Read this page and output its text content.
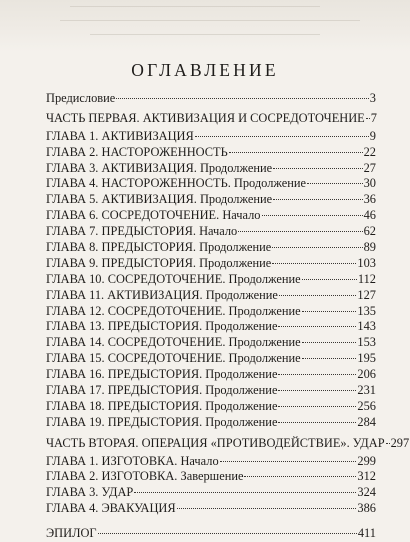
ОГЛАВЛЕНИЕ
Предисловие	3
ЧАСТЬ ПЕРВАЯ. АКТИВИЗАЦИЯ И СОСРЕДОТОЧЕНИЕ 7
ГЛАВА 1. АКТИВИЗАЦИЯ	9
ГЛАВА 2. НАСТОРОЖЕННОСТЬ	22
ГЛАВА 3. АКТИВИЗАЦИЯ. Продолжение	27
ГЛАВА 4. НАСТОРОЖЕННОСТЬ. Продолжение	30
ГЛАВА 5. АКТИВИЗАЦИЯ. Продолжение	36
ГЛАВА 6. СОСРЕДОТОЧЕНИЕ. Начало	46
ГЛАВА 7. ПРЕДЫСТОРИЯ. Начало	62
ГЛАВА 8. ПРЕДЫСТОРИЯ. Продолжение	89
ГЛАВА 9. ПРЕДЫСТОРИЯ. Продолжение	103
ГЛАВА 10. СОСРЕДОТОЧЕНИЕ. Продолжение	112
ГЛАВА 11. АКТИВИЗАЦИЯ. Продолжение	127
ГЛАВА 12. СОСРЕДОТОЧЕНИЕ. Продолжение	135
ГЛАВА 13. ПРЕДЫСТОРИЯ. Продолжение	143
ГЛАВА 14. СОСРЕДОТОЧЕНИЕ. Продолжение	153
ГЛАВА 15. СОСРЕДОТОЧЕНИЕ. Продолжение	195
ГЛАВА 16. ПРЕДЫСТОРИЯ. Продолжение	206
ГЛАВА 17. ПРЕДЫСТОРИЯ. Продолжение	231
ГЛАВА 18. ПРЕДЫСТОРИЯ. Продолжение	256
ГЛАВА 19. ПРЕДЫСТОРИЯ. Продолжение	284
ЧАСТЬ ВТОРАЯ. ОПЕРАЦИЯ «ПРОТИВОДЕЙСТВИЕ». УДАР 297
ГЛАВА 1. ИЗГОТОВКА. Начало	299
ГЛАВА 2. ИЗГОТОВКА. Завершение	312
ГЛАВА 3. УДАР	324
ГЛАВА 4. ЭВАКУАЦИЯ	386
ЭПИЛОГ	411
